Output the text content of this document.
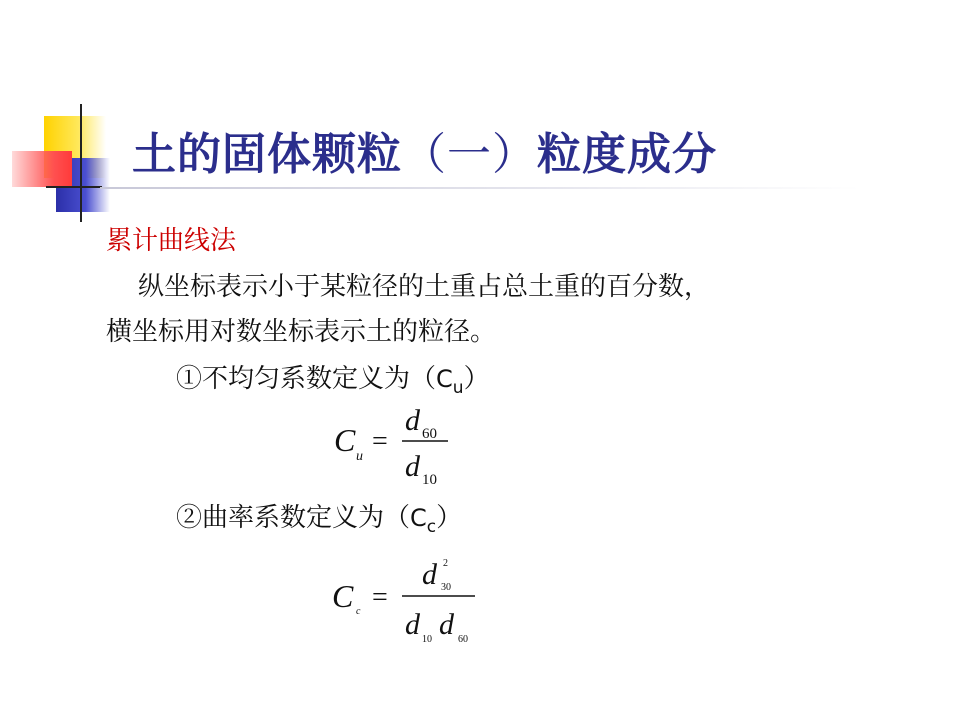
土的固体颗粒（一）粒度成分

累计曲线法

纵坐标表示小于某粒径的土重占总土重的百分数，

横坐标用对数坐标表示土的粒径。

①不均匀系数定义为$(C_u)$

C u =
d 60
d 10

②曲率系数定义为$(C_c)$

C c =
d 2
30
d 10 d 60
